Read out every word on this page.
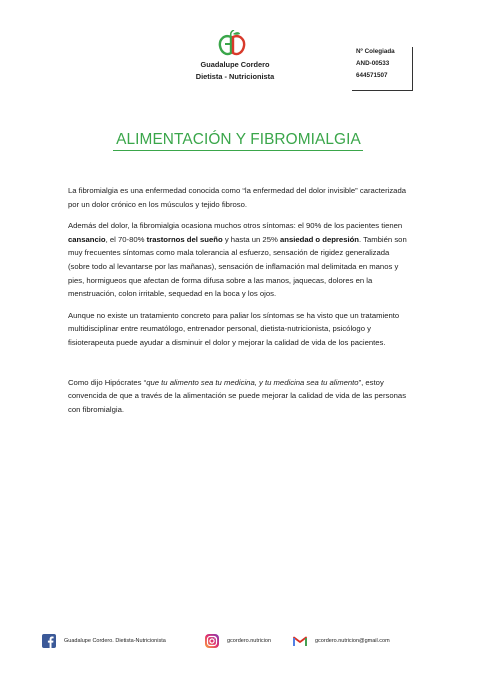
Guadalupe Cordero
Dietista - Nutricionista
Nº Colegiada
AND-00533
644571507
ALIMENTACIÓN Y FIBROMIALGIA

La fibromialgia es una enfermedad conocida como “la enfermedad del dolor invisible” caracterizada por un dolor crónico en los músculos y tejido fibroso.

Además del dolor, la fibromialgia ocasiona muchos otros síntomas: el 90% de los pacientes tienen cansancio, el 70-80% trastornos del sueño y hasta un 25% ansiedad o depresión. También son muy frecuentes síntomas como mala tolerancia al esfuerzo, sensación de rigidez generalizada (sobre todo al levantarse por las mañanas), sensación de inflamación mal delimitada en manos y pies, hormigueos que afectan de forma difusa sobre a las manos, jaquecas, dolores en la menstruación, colon irritable, sequedad en la boca y los ojos.

Aunque no existe un tratamiento concreto para paliar los síntomas se ha visto que un tratamiento multidisciplinar entre reumatólogo, entrenador personal, dietista-nutricionista, psicólogo y fisioterapeuta puede ayudar a disminuir el dolor y mejorar la calidad de vida de los pacientes.

Como dijo Hipócrates “que tu alimento sea tu medicina, y tu medicina sea tu alimento”, estoy convencida de que a través de la alimentación se puede mejorar la calidad de vida de las personas con fibromialgia.

Guadalupe Cordero. Dietista-Nutricionista	gcordero.nutricion	gcordero.nutricion@gmail.com
